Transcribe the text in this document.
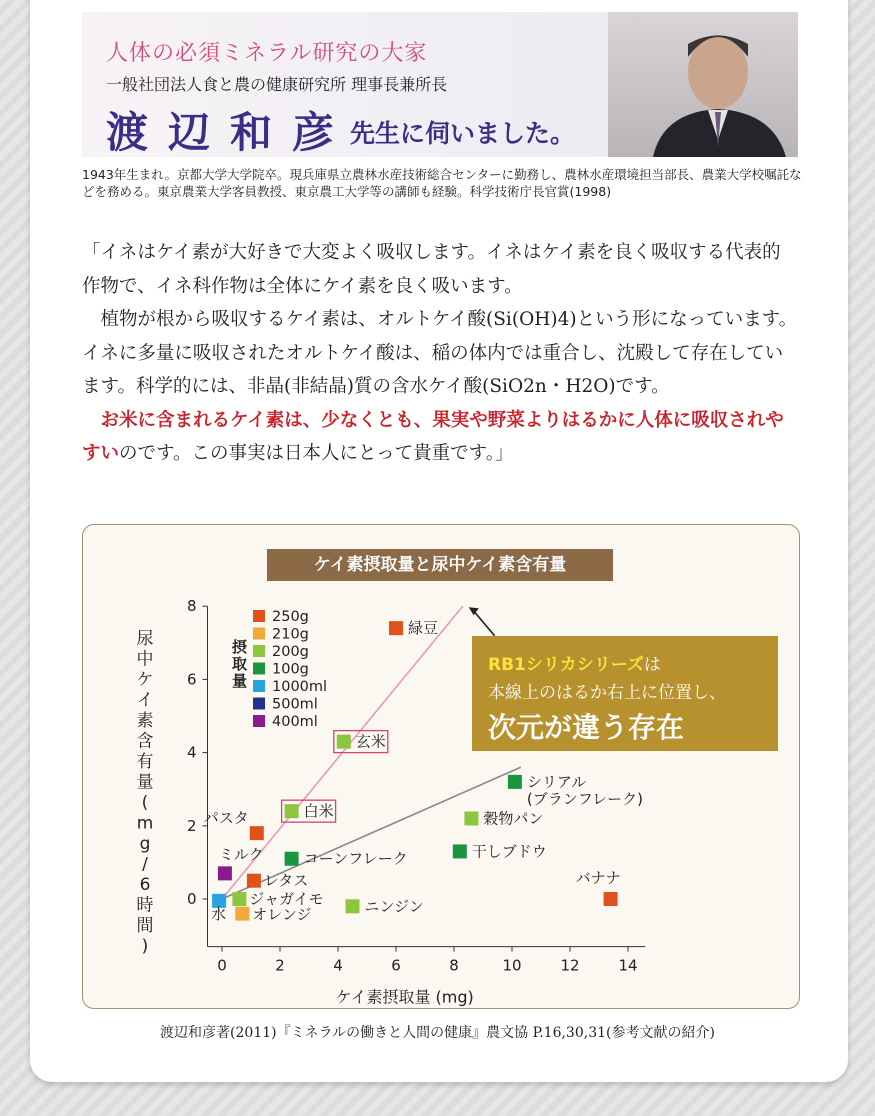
人体の必須ミネラル研究の大家
一般社団法人食と農の健康研究所 理事長兼所長
渡辺和彦
先生に伺いました。
1943年生まれ。京都大学大学院卒。現兵庫県立農林水産技術総合センターに勤務し、農林水産環境担当部長、農業大学校嘱託などを務める。東京農業大学客員教授、東京農工大学等の講師も経験。科学技術庁長官賞(1998)

「イネはケイ素が大好きで大変よく吸収します。イネはケイ素を良く吸収する代表的作物で、イネ科作物は全体にケイ素を良く吸います。

植物が根から吸収するケイ素は、オルトケイ酸(Si(OH)4)という形になっています。イネに多量に吸収されたオルトケイ酸は、稲の体内では重合し、沈殿して存在しています。科学的には、非晶(非結晶)質の含水ケイ酸(SiO2n・H2O)です。

お米に含まれるケイ素は、少なくとも、果実や野菜よりはるかに人体に吸収されやすいのです。この事実は日本人にとって貴重です。」

ケイ素摂取量と尿中ケイ素含有量
0	2	4	6	8	10	12	14
0
2
4
6
8
ケイ素摂取量 (mg)
尿中ケイ素含有量( m g / 6 時間)
緑豆
玄米
白米
パスタ
ミルク	コーンフレーク
レタス
ジャガイモ
オレンジ
水	ニンジン
シリアル
(ブランフレーク)
穀物パン
干しブドウ
バナナ
摂
取
量
250g
210g
200g
100g
1000ml
500ml
400ml
RB1シリカシリーズは
本線上のはるか右上に位置し、
次元が違う存在
渡辺和彦著(2011)『ミネラルの働きと人間の健康』農文協 P.16,30,31(参考文献の紹介)
